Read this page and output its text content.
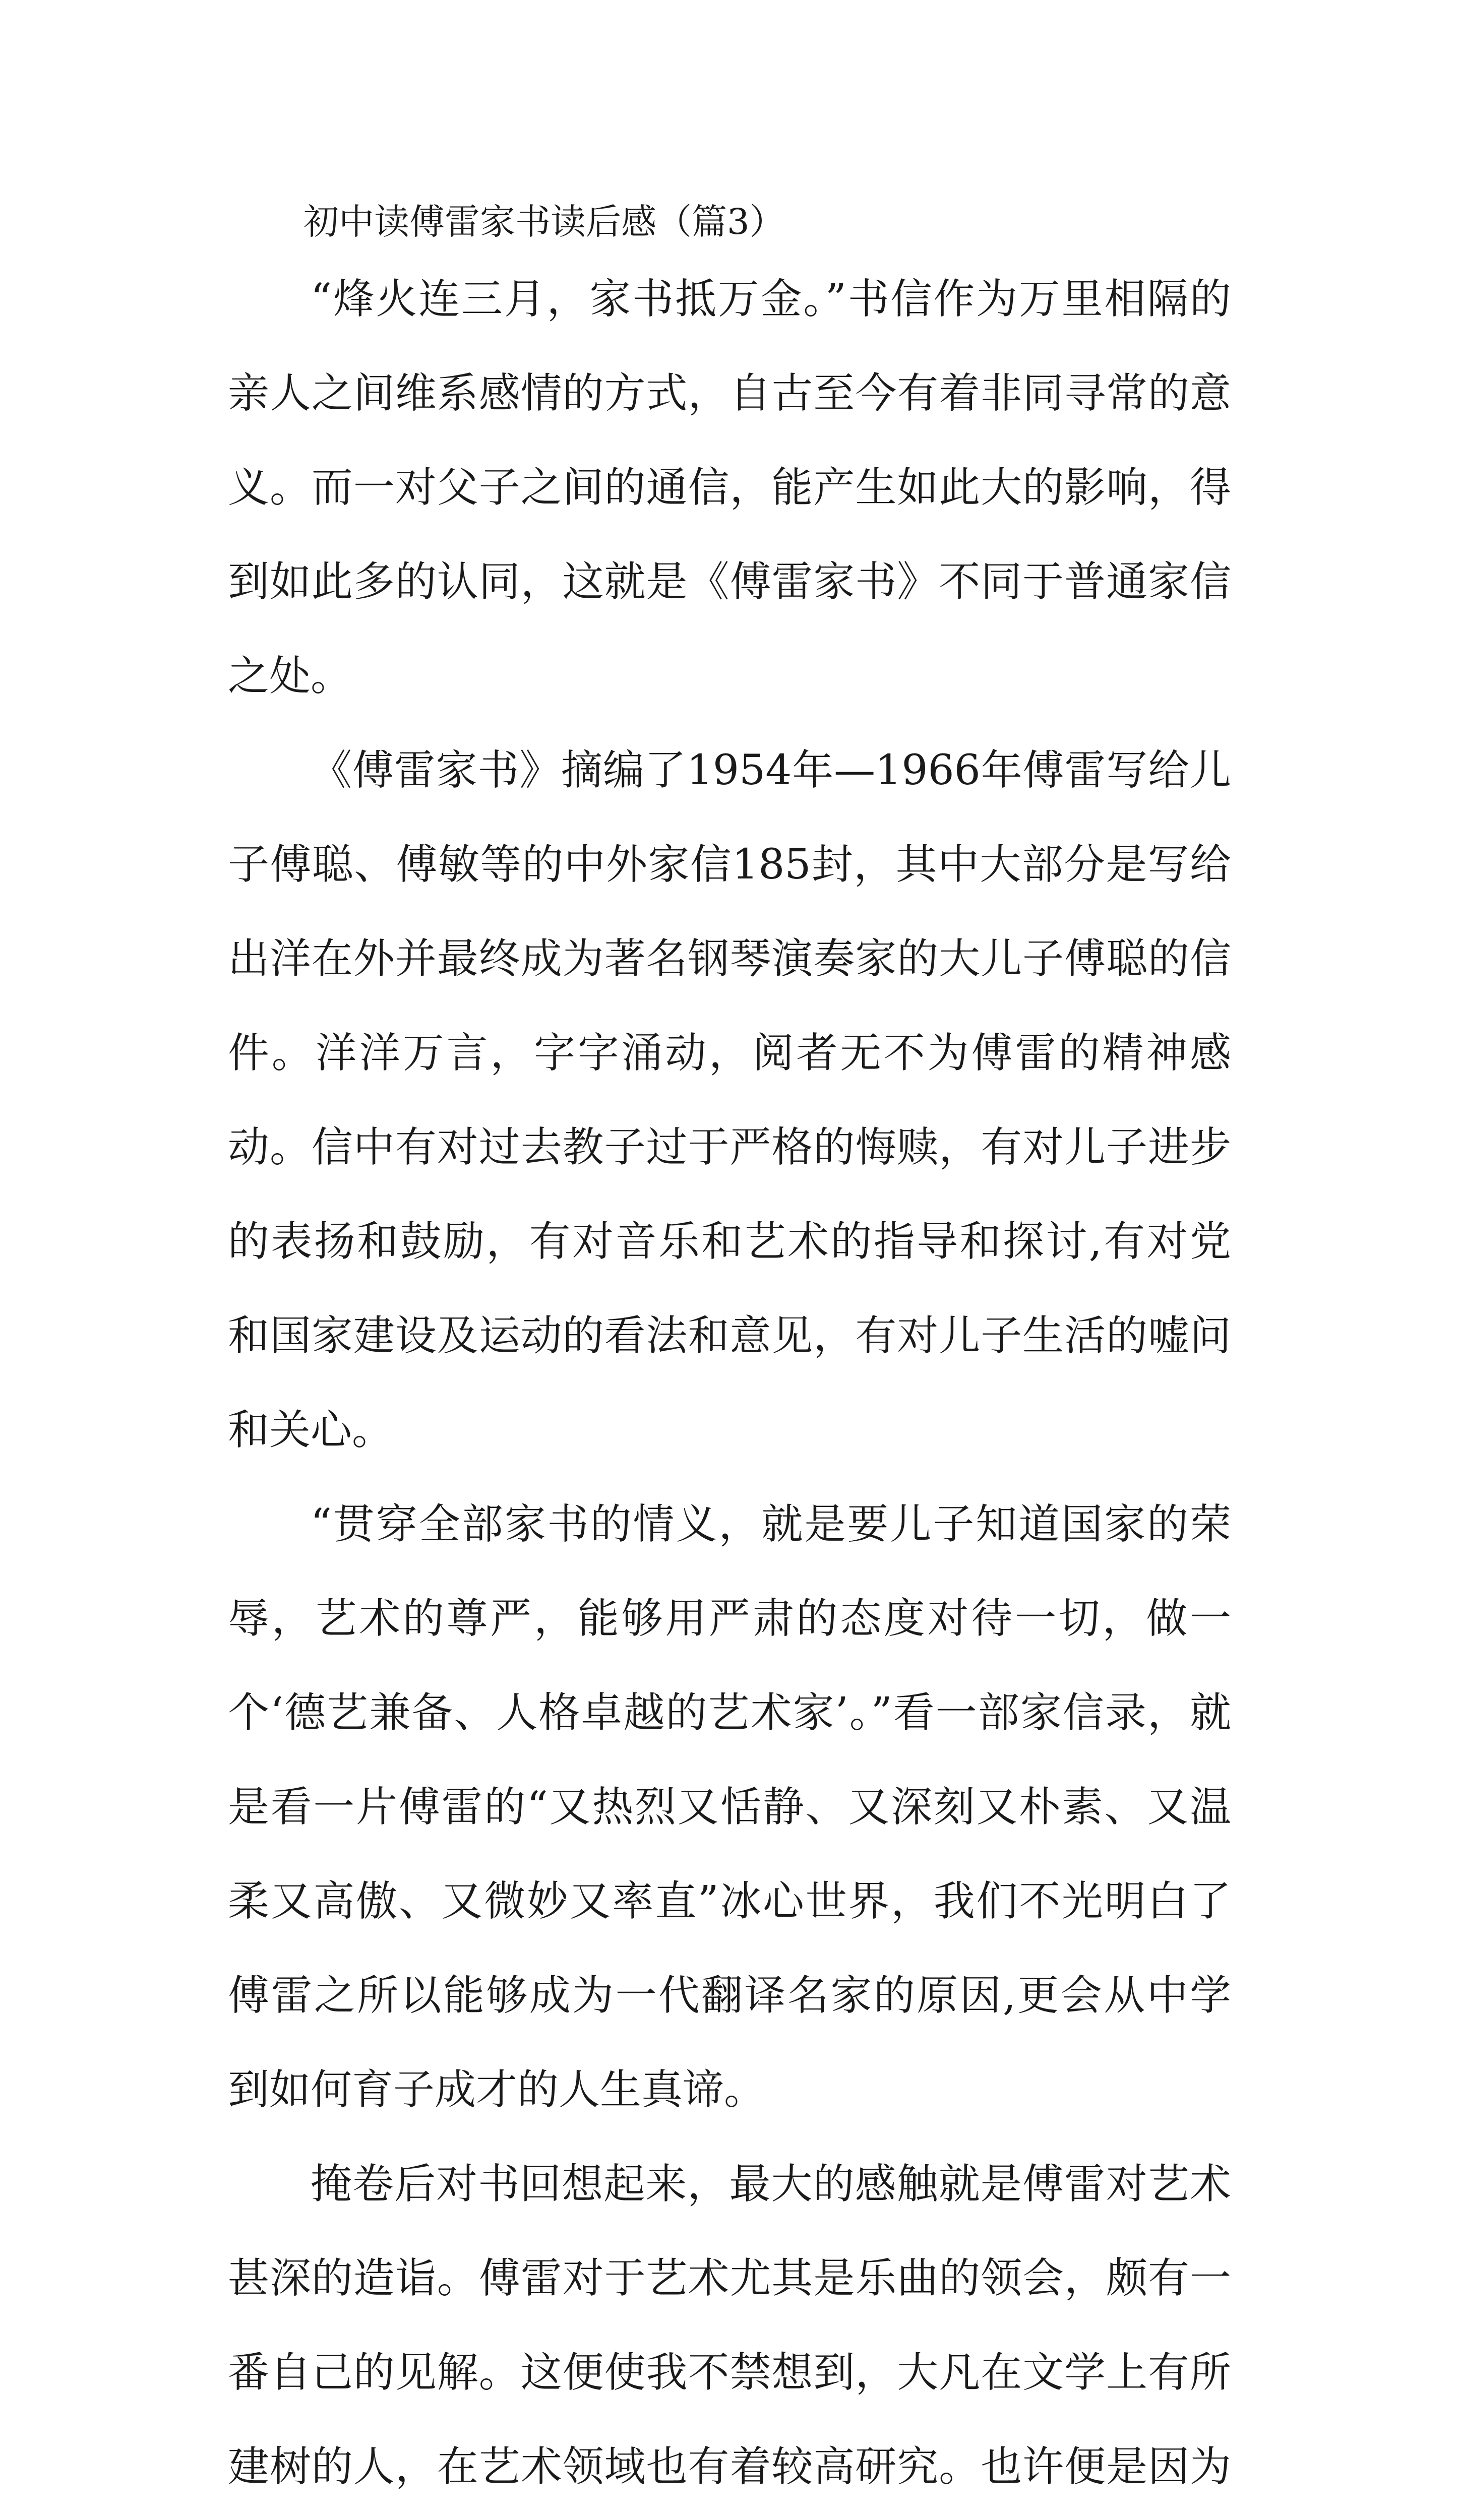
初中读傅雷家书读后感（篇3）

“烽火连三月，家书抵万金。”书信作为万里相隔的亲人之间维系感情的方式，自古至今有着非同寻常的意义。而一对父子之间的通信，能产生如此大的影响，得到如此多的认同，这就是《傅雷家书》不同于普通家信之处。

《傅雷家书》摘编了1954年—1966年傅雷写给儿子傅聪、傅敏等的中外家信185封，其中大部分是写给出洋在外并最终成为著名钢琴演奏家的大儿子傅聪的信件。洋洋万言，字字涌动，阅者无不为傅雷的精神感动。信中有对过去教子过于严格的悔赎，有对儿子进步的表扬和鼓励，有对音乐和艺术的指导和探讨,有对党和国家建设及运动的看法和意见，有对儿子生活的嘘问和关心。

“贯穿全部家书的情义，就是要儿子知道国家的荣辱，艺术的尊严，能够用严肃的态度对待一切，做一个‘德艺兼备、人格卓越的艺术家’。”看一部家信录，就是看一片傅雷的“又热烈又恬静、又深刻又朴素、又温柔又高傲、又微妙又率直”冰心世界，我们不光明白了傅雷之所以能够成为一代翻译名家的原因,更会从中学到如何育子成才的人生真谛。

掩卷后对书回想起来，最大的感触就是傅雷对艺术甚深的造诣。傅雷对于艺术尤其是乐曲的领会，颇有一番自己的见解。这便使我不禁想到，大凡在文学上有所建树的人，在艺术领域也有着较高研究。也许便是因为
